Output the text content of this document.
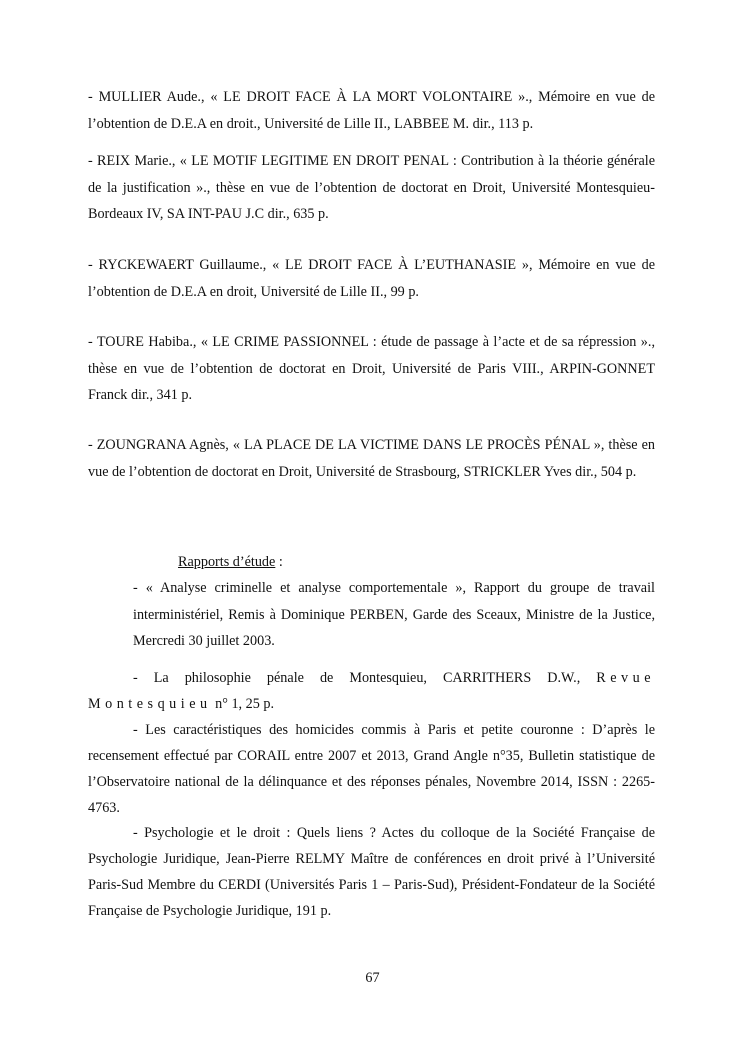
- MULLIER Aude., « LE DROIT FACE À LA MORT VOLONTAIRE »., Mémoire en vue de l’obtention de D.E.A en droit., Université de Lille II., LABBEE M. dir., 113 p.

- REIX Marie., « LE MOTIF LEGITIME EN DROIT PENAL : Contribution à la théorie générale de la justification »., thèse en vue de l’obtention de doctorat en Droit, Université Montesquieu-Bordeaux IV, SA INT-PAU J.C dir., 635 p.

- RYCKEWAERT Guillaume., « LE DROIT FACE À L’EUTHANASIE », Mémoire en vue de l’obtention de D.E.A en droit, Université de Lille II., 99 p.

- TOURE Habiba., « LE CRIME PASSIONNEL : étude de passage à l’acte et de sa répression »., thèse en vue de l’obtention de doctorat en Droit, Université de Paris VIII., ARPIN-GONNET Franck dir., 341 p.

- ZOUNGRANA Agnès, « LA PLACE DE LA VICTIME DANS LE PROCÈS PÉNAL », thèse en vue de l’obtention de doctorat en Droit, Université de Strasbourg, STRICKLER Yves dir., 504 p.

Rapports d’étude :

- « Analyse criminelle et analyse comportementale », Rapport du groupe de travail interministériel, Remis à Dominique PERBEN, Garde des Sceaux, Ministre de la Justice, Mercredi 30 juillet 2003.

- La philosophie pénale de Montesquieu, CARRITHERS D.W., Revue Montesquieu n° 1, 25 p.

- Les caractéristiques des homicides commis à Paris et petite couronne : D’après le recensement effectué par CORAIL entre 2007 et 2013, Grand Angle n°35, Bulletin statistique de l’Observatoire national de la délinquance et des réponses pénales, Novembre 2014, ISSN : 2265-4763.

- Psychologie et le droit : Quels liens ? Actes du colloque de la Société Française de Psychologie Juridique, Jean-Pierre RELMY Maître de conférences en droit privé à l’Université Paris-Sud Membre du CERDI (Universités Paris 1 – Paris-Sud), Président-Fondateur de la Société Française de Psychologie Juridique, 191 p.

67
